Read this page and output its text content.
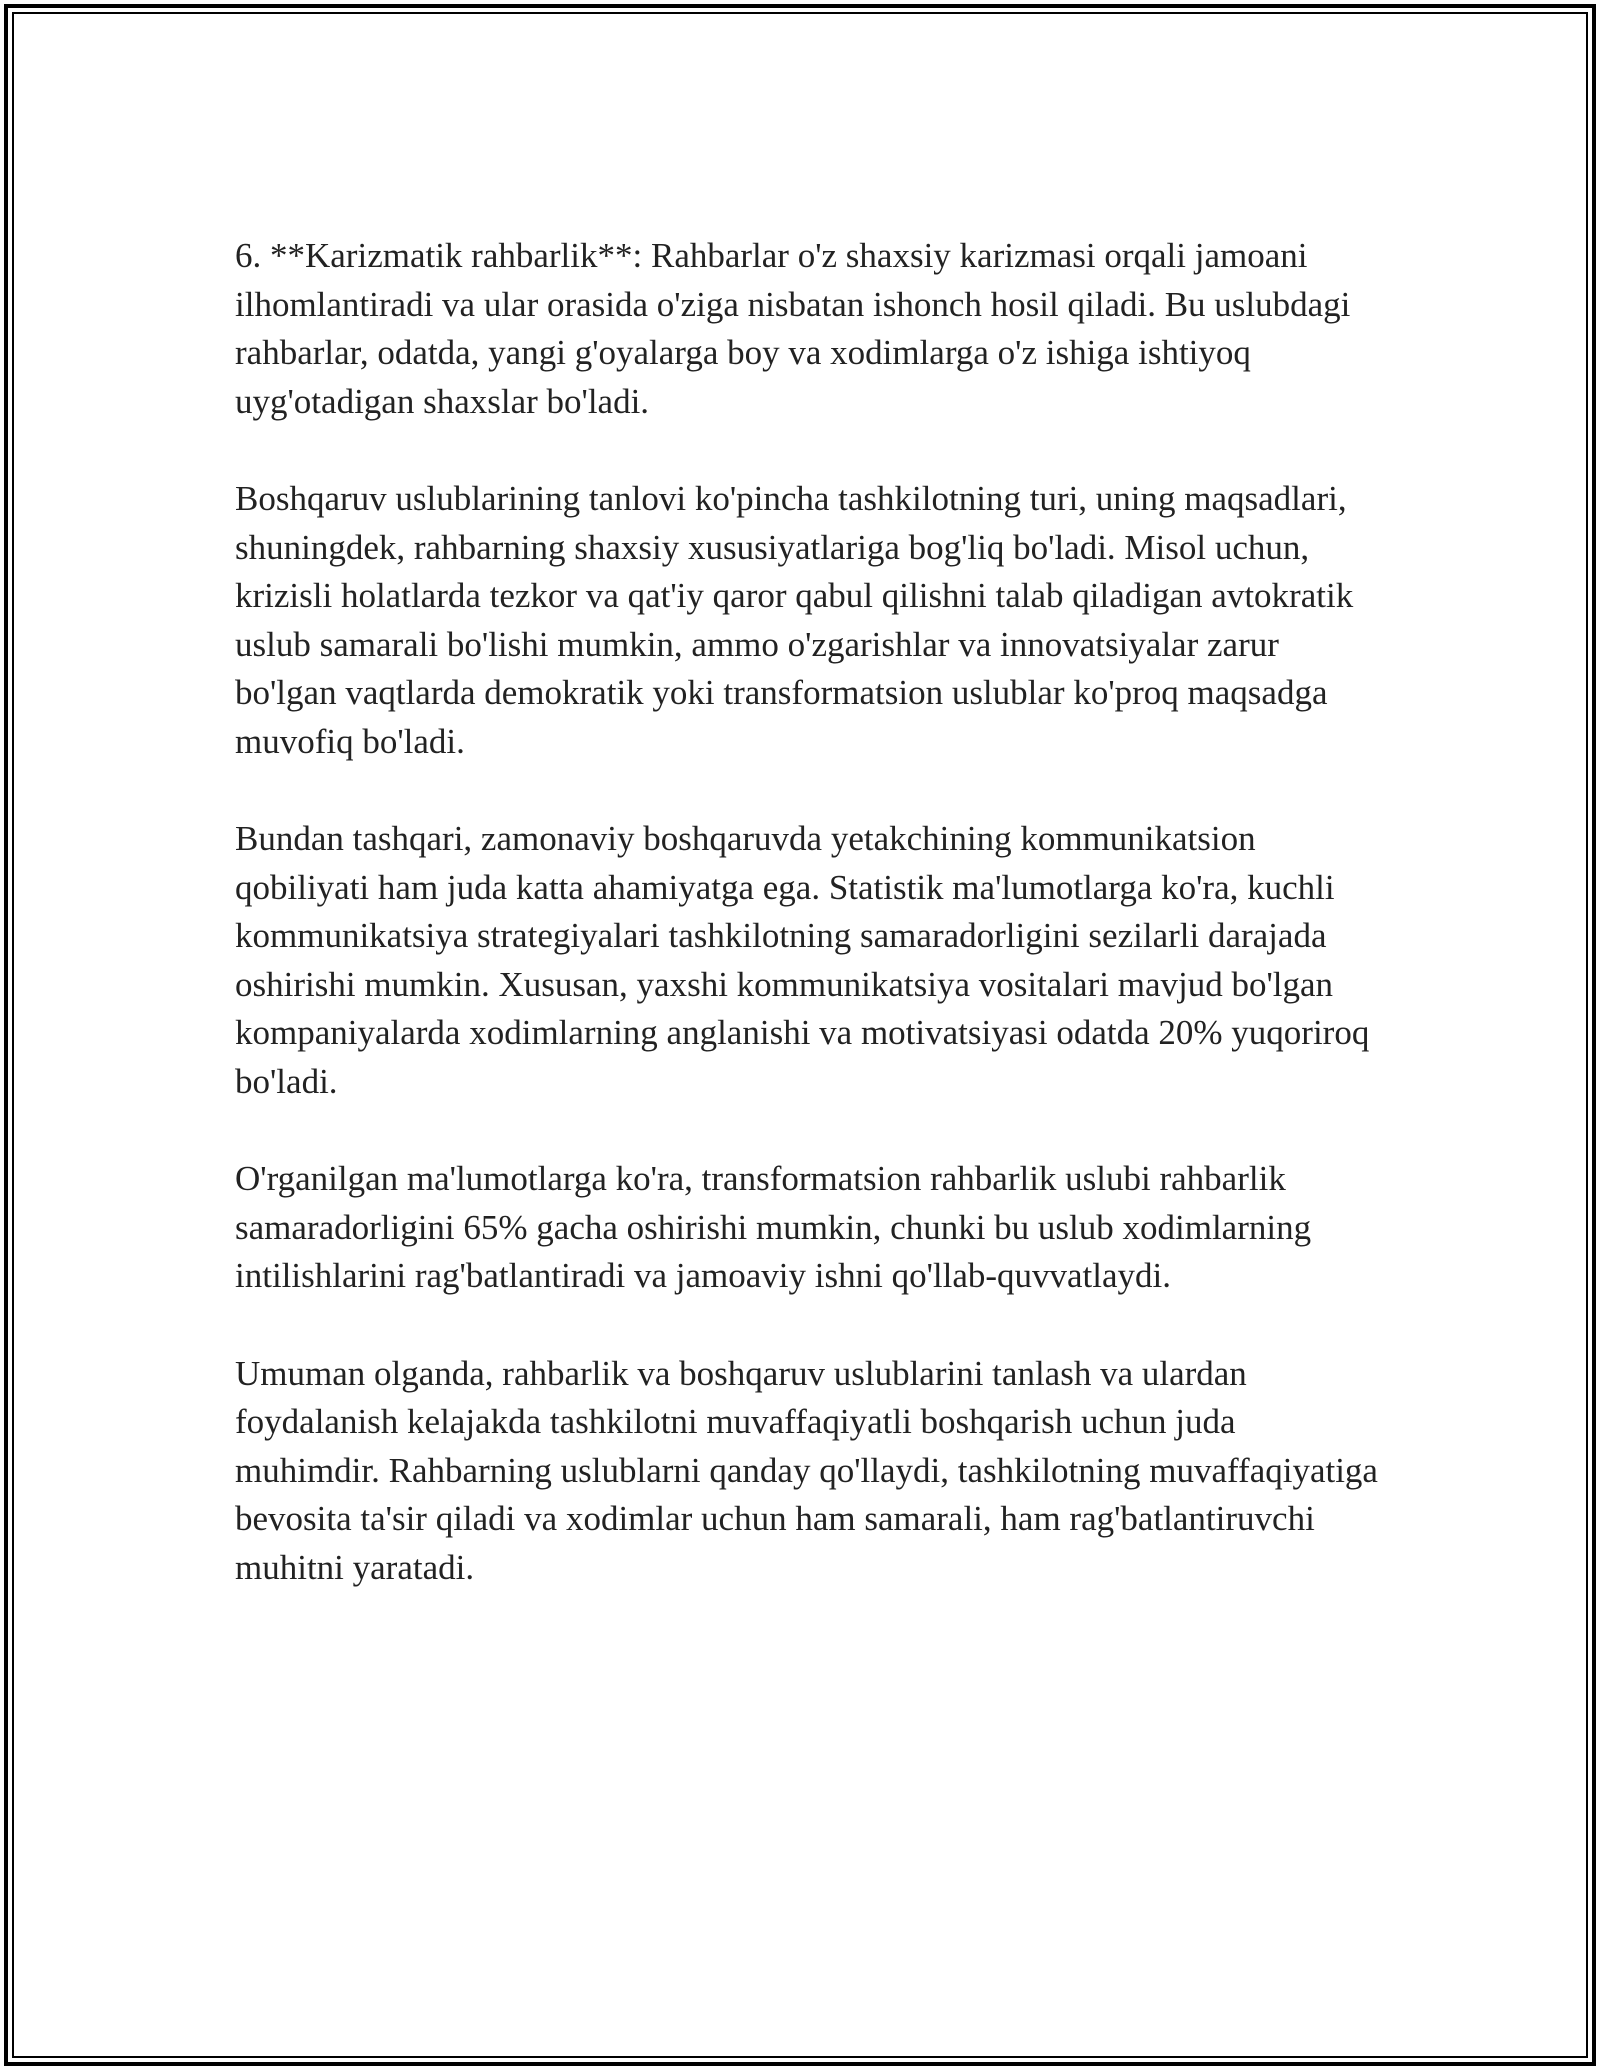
6. **Karizmatik rahbarlik**: Rahbarlar o'z shaxsiy karizmasi orqali jamoani ilhomlantiradi va ular orasida o'ziga nisbatan ishonch hosil qiladi. Bu uslubdagi rahbarlar, odatda, yangi g'oyalarga boy va xodimlarga o'z ishiga ishtiyoq uyg'otadigan shaxslar bo'ladi.

Boshqaruv uslublarining tanlovi ko'pincha tashkilotning turi, uning maqsadlari, shuningdek, rahbarning shaxsiy xususiyatlariga bog'liq bo'ladi. Misol uchun, krizisli holatlarda tezkor va qat'iy qaror qabul qilishni talab qiladigan avtokratik uslub samarali bo'lishi mumkin, ammo o'zgarishlar va innovatsiyalar zarur bo'lgan vaqtlarda demokratik yoki transformatsion uslublar ko'proq maqsadga muvofiq bo'ladi.

Bundan tashqari, zamonaviy boshqaruvda yetakchining kommunikatsion qobiliyati ham juda katta ahamiyatga ega. Statistik ma'lumotlarga ko'ra, kuchli kommunikatsiya strategiyalari tashkilotning samaradorligini sezilarli darajada oshirishi mumkin. Xususan, yaxshi kommunikatsiya vositalari mavjud bo'lgan kompaniyalarda xodimlarning anglanishi va motivatsiyasi odatda 20% yuqoriroq bo'ladi.

O'rganilgan ma'lumotlarga ko'ra, transformatsion rahbarlik uslubi rahbarlik samaradorligini 65% gacha oshirishi mumkin, chunki bu uslub xodimlarning intilishlarini rag'batlantiradi va jamoaviy ishni qo'llab-quvvatlaydi.

Umuman olganda, rahbarlik va boshqaruv uslublarini tanlash va ulardan foydalanish kelajakda tashkilotni muvaffaqiyatli boshqarish uchun juda muhimdir. Rahbarning uslublarni qanday qo'llaydi, tashkilotning muvaffaqiyatiga bevosita ta'sir qiladi va xodimlar uchun ham samarali, ham rag'batlantiruvchi muhitni yaratadi.
